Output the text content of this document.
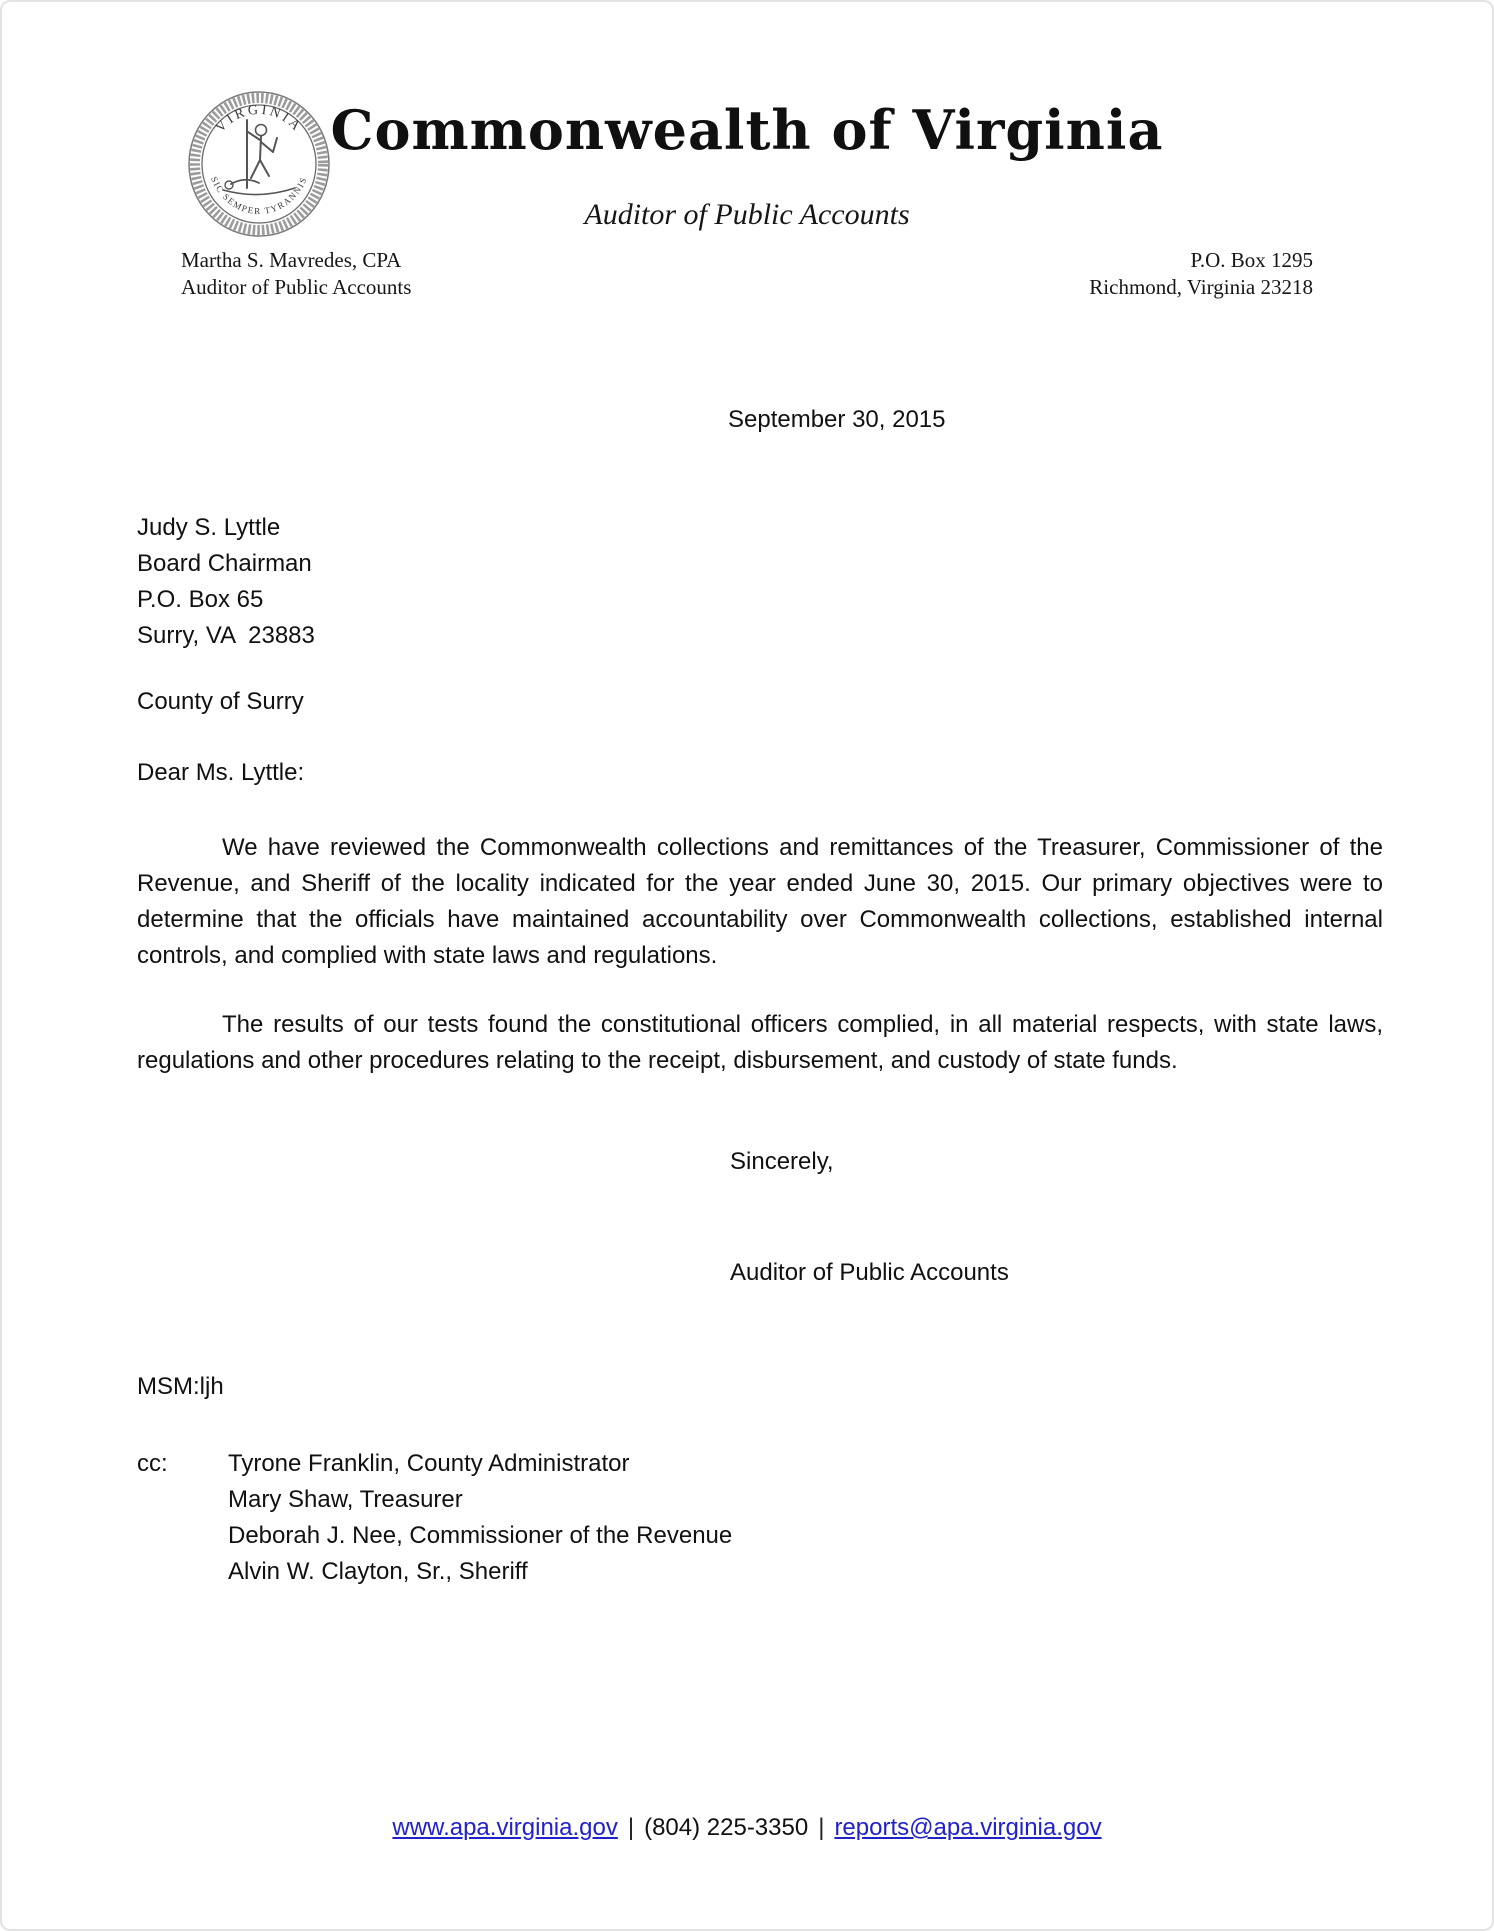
VIRGINIA
SIC SEMPER TYRANNIS
Commonwealth of Virginia
Auditor of Public Accounts
Martha S. Mavredes, CPA
Auditor of Public Accounts
P.O. Box 1295
Richmond, Virginia 23218
September 30, 2015
Judy S. Lyttle
Board Chairman
P.O. Box 65
Surry, VA  23883
County of Surry
Dear Ms. Lyttle:
We have reviewed the Commonwealth collections and remittances of the Treasurer, Commissioner of the Revenue, and Sheriff of the locality indicated for the year ended June 30, 2015. Our primary objectives were to determine that the officials have maintained accountability over Commonwealth collections, established internal controls, and complied with state laws and regulations.
The results of our tests found the constitutional officers complied, in all material respects, with state laws, regulations and other procedures relating to the receipt, disbursement, and custody of state funds.
Sincerely,
Auditor of Public Accounts
MSM:ljh
cc:	Tyrone Franklin, County Administrator
Mary Shaw, Treasurer
Deborah J. Nee, Commissioner of the Revenue
Alvin W. Clayton, Sr., Sheriff
www.apa.virginia.gov | (804) 225-3350 | reports@apa.virginia.gov
